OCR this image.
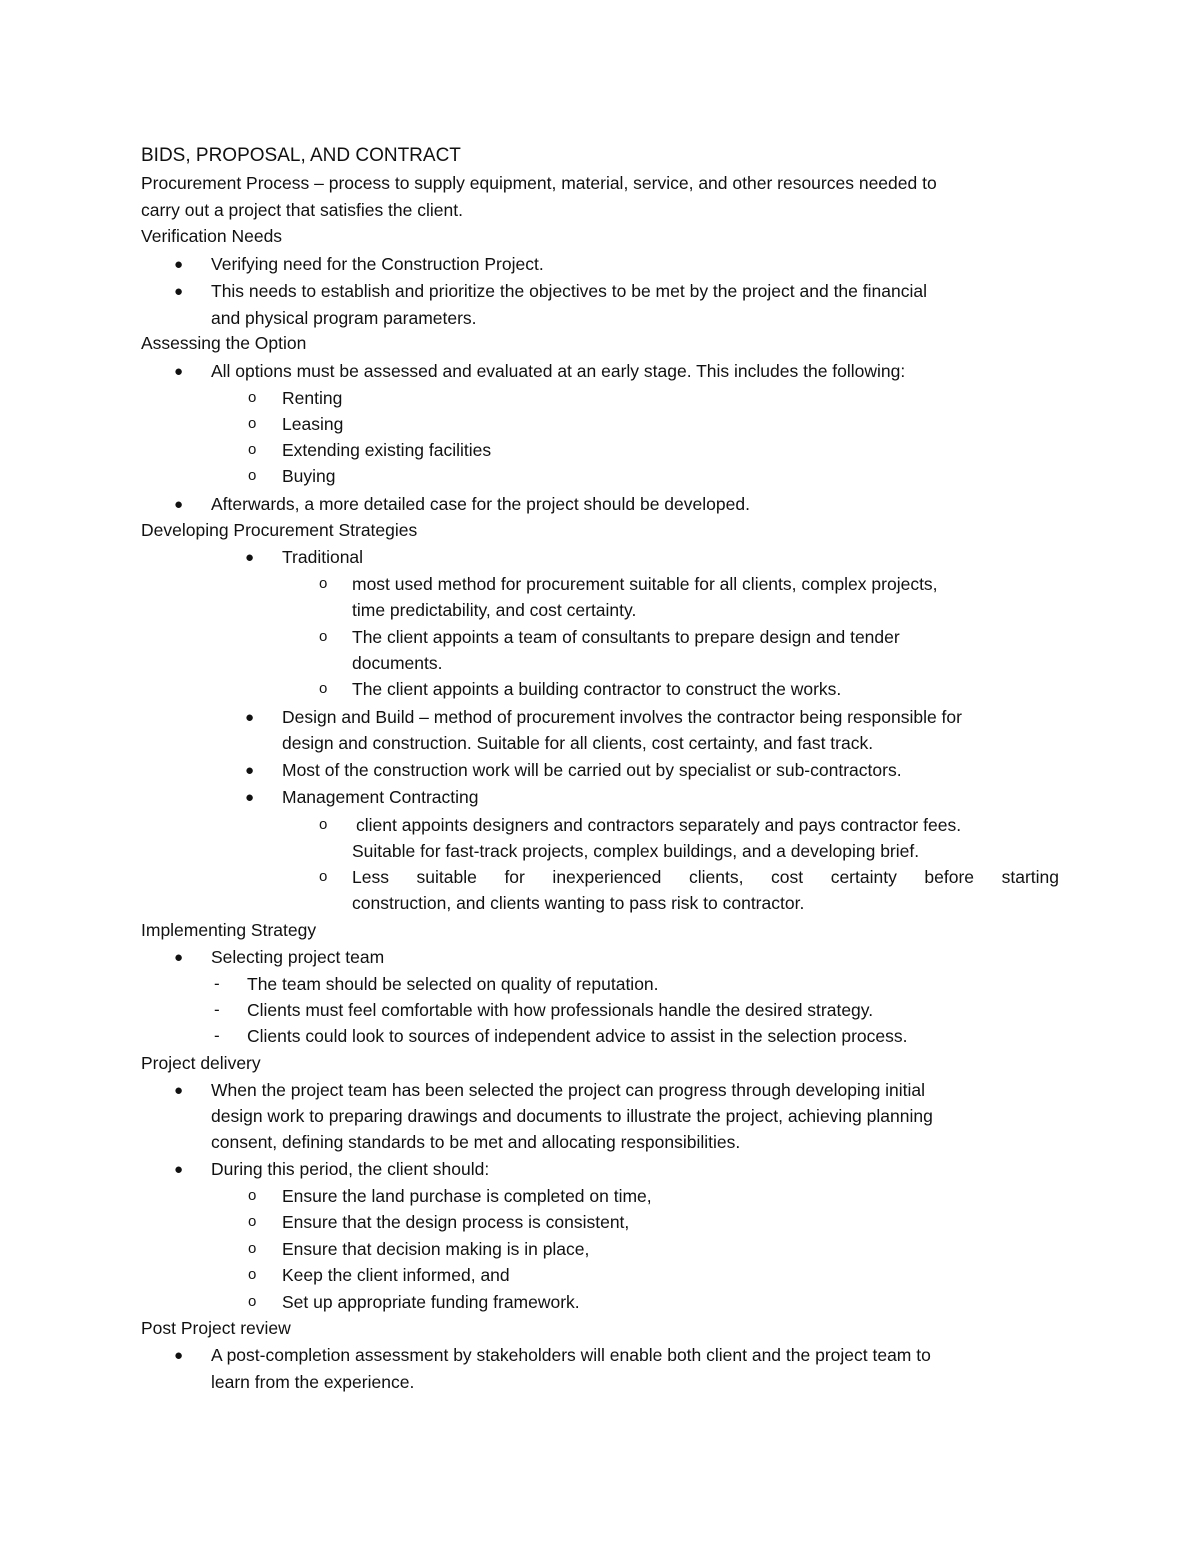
BIDS, PROPOSAL, AND CONTRACT
Procurement Process – process to supply equipment, material, service, and other resources needed to
carry out a project that satisfies the client.
Verification Needs
● Verifying need for the Construction Project.
● This needs to establish and prioritize the objectives to be met by the project and the financial
and physical program parameters.
Assessing the Option
● All options must be assessed and evaluated at an early stage. This includes the following:
o Renting
o Leasing
o Extending existing facilities
o Buying
● Afterwards, a more detailed case for the project should be developed.
Developing Procurement Strategies
● Traditional
o most used method for procurement suitable for all clients, complex projects,
time predictability, and cost certainty.
o The client appoints a team of consultants to prepare design and tender
documents.
o The client appoints a building contractor to construct the works.
● Design and Build – method of procurement involves the contractor being responsible for
design and construction. Suitable for all clients, cost certainty, and fast track.
● Most of the construction work will be carried out by specialist or sub-contractors.
● Management Contracting
o client appoints designers and contractors separately and pays contractor fees.
Suitable for fast-track projects, complex buildings, and a developing brief.
o Less suitable for inexperienced clients, cost certainty before starting
construction, and clients wanting to pass risk to contractor.
Implementing Strategy
● Selecting project team
- The team should be selected on quality of reputation.
- Clients must feel comfortable with how professionals handle the desired strategy.
- Clients could look to sources of independent advice to assist in the selection process.
Project delivery
● When the project team has been selected the project can progress through developing initial
design work to preparing drawings and documents to illustrate the project, achieving planning
consent, defining standards to be met and allocating responsibilities.
● During this period, the client should:
o Ensure the land purchase is completed on time,
o Ensure that the design process is consistent,
o Ensure that decision making is in place,
o Keep the client informed, and
o Set up appropriate funding framework.
Post Project review
● A post-completion assessment by stakeholders will enable both client and the project team to
learn from the experience.
